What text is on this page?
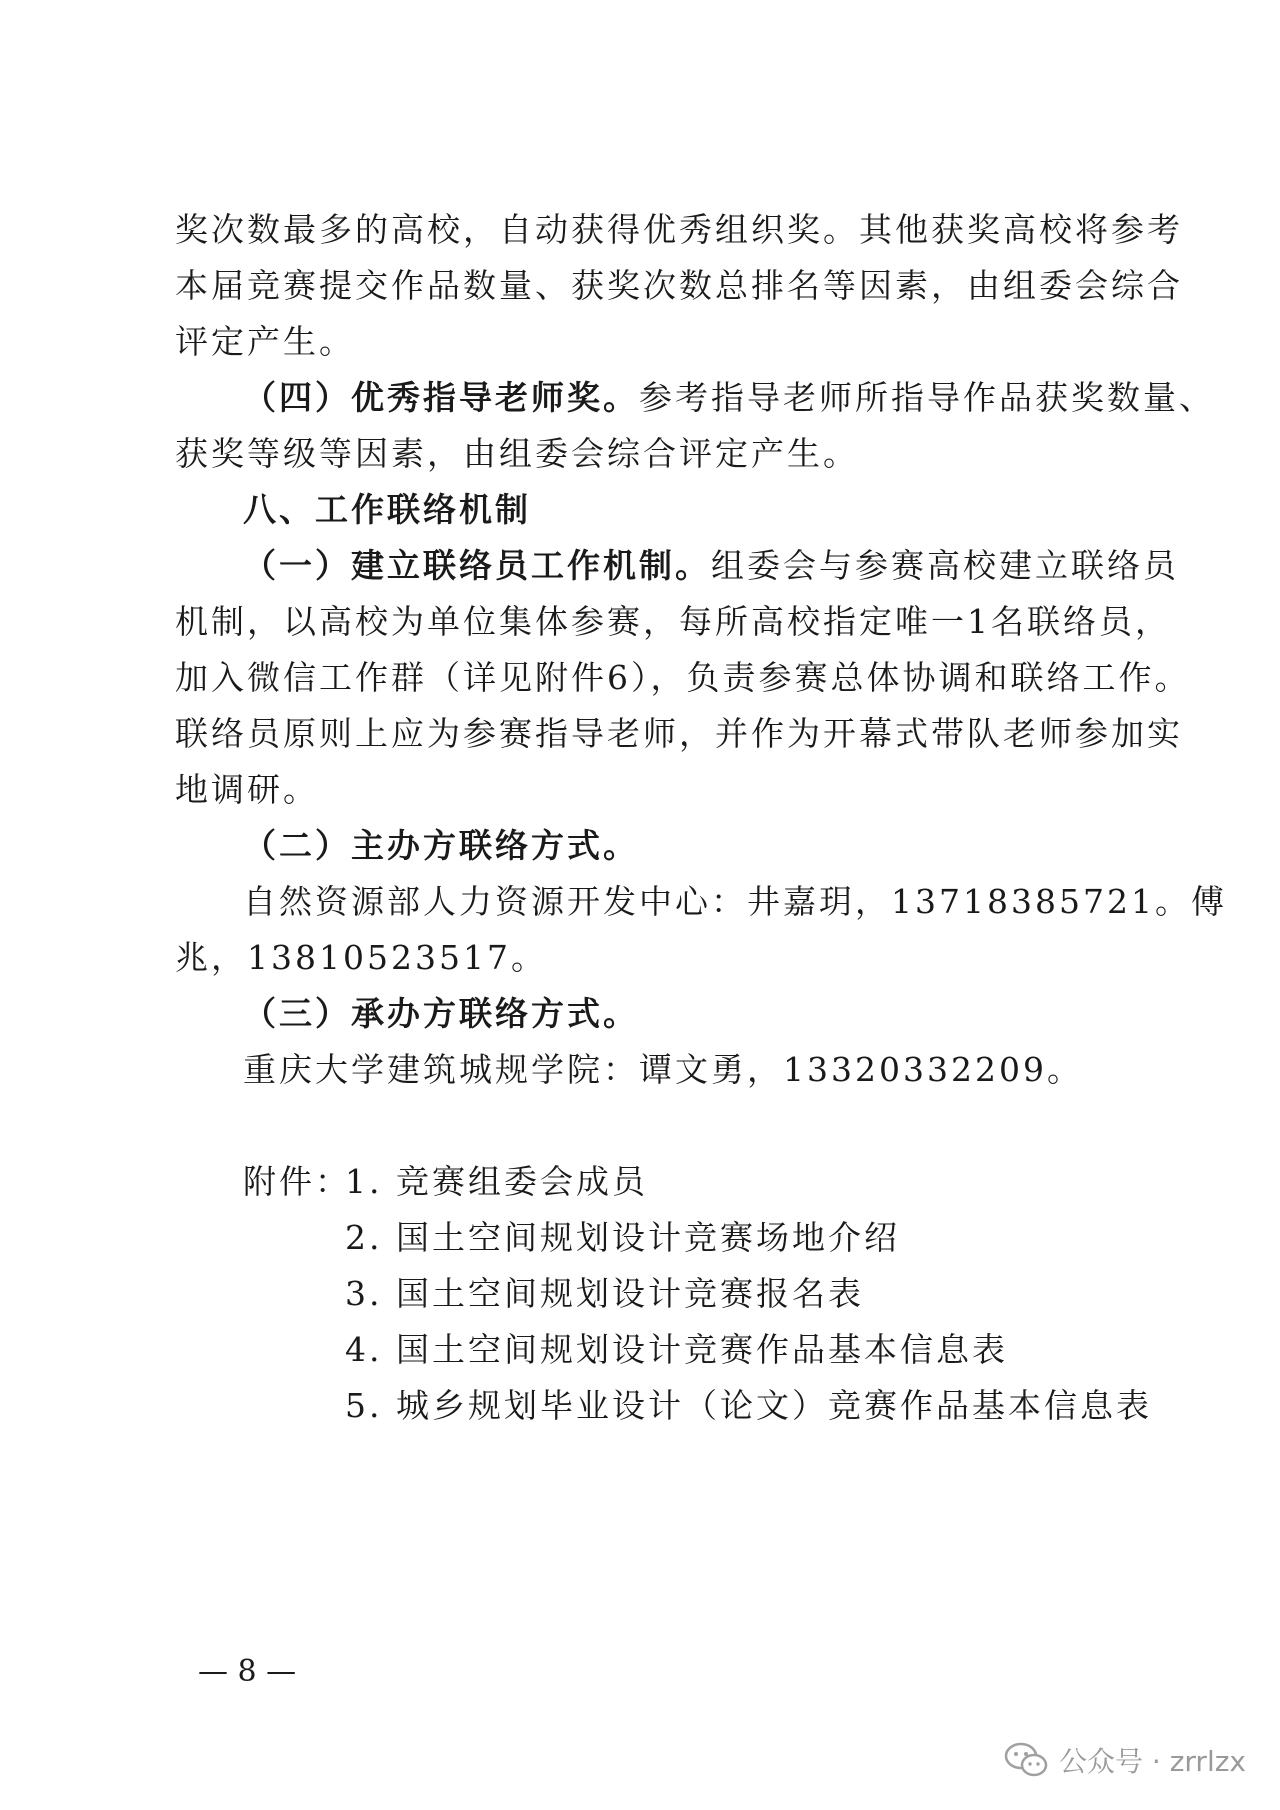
奖次数最多的高校，自动获得优秀组织奖。其他获奖高校将参考
本届竞赛提交作品数量、获奖次数总排名等因素，由组委会综合
评定产生。
（四）优秀指导老师奖。参考指导老师所指导作品获奖数量、
获奖等级等因素，由组委会综合评定产生。
八、工作联络机制
（一）建立联络员工作机制。组委会与参赛高校建立联络员
机制，以高校为单位集体参赛，每所高校指定唯一1名联络员，
加入微信工作群（详见附件6），负责参赛总体协调和联络工作。
联络员原则上应为参赛指导老师，并作为开幕式带队老师参加实
地调研。
（二）主办方联络方式。
自然资源部人力资源开发中心：井嘉玥，13718385721。傅
兆，13810523517。
（三）承办方联络方式。
重庆大学建筑城规学院：谭文勇，13320332209。
附件：
1. 竞赛组委会成员
2. 国土空间规划设计竞赛场地介绍
3. 国土空间规划设计竞赛报名表
4. 国土空间规划设计竞赛作品基本信息表
5. 城乡规划毕业设计（论文）竞赛作品基本信息表
— 8 —
公众号 · zrrlzx
